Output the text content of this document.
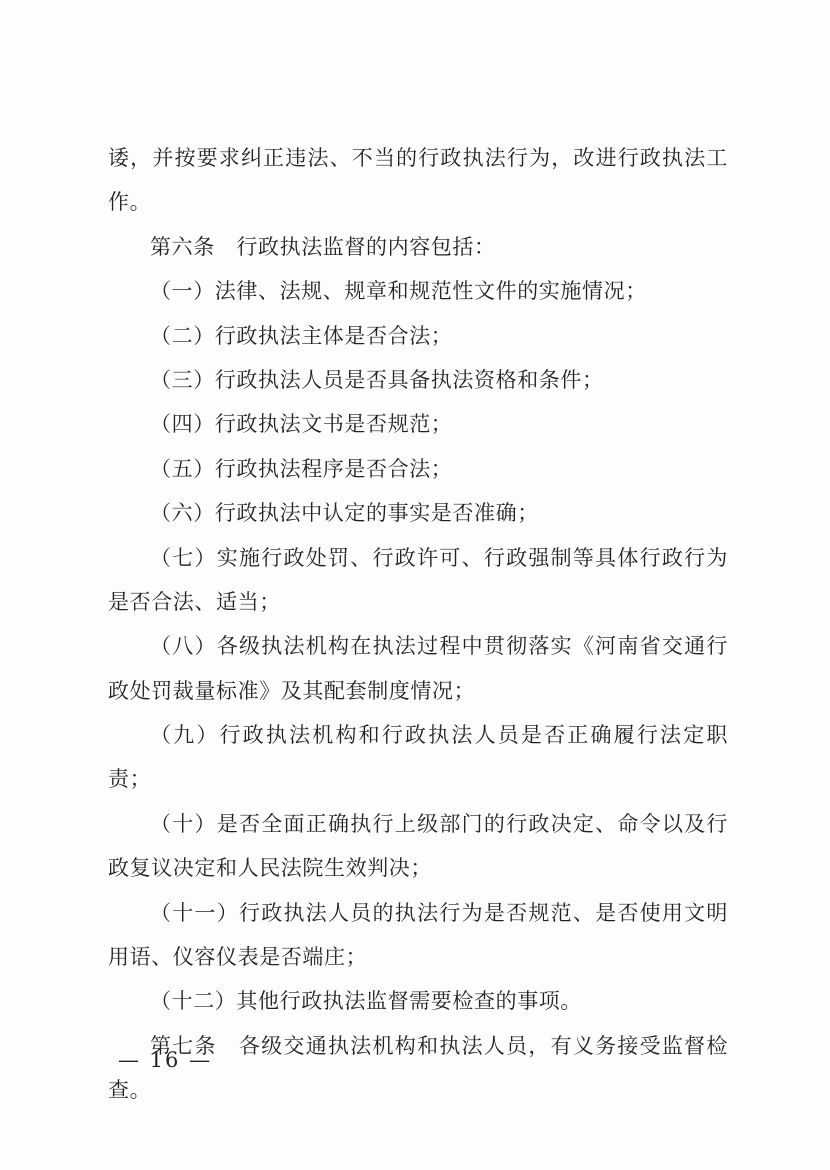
诿，并按要求纠正违法、不当的行政执法行为，改进行政执法工
作。
第六条　行政执法监督的内容包括：
（一）法律、法规、规章和规范性文件的实施情况；
（二）行政执法主体是否合法；
（三）行政执法人员是否具备执法资格和条件；
（四）行政执法文书是否规范；
（五）行政执法程序是否合法；
（六）行政执法中认定的事实是否准确；
（七）实施行政处罚、行政许可、行政强制等具体行政行为
是否合法、适当；
（八）各级执法机构在执法过程中贯彻落实《河南省交通行
政处罚裁量标准》及其配套制度情况；
（九）行政执法机构和行政执法人员是否正确履行法定职
责；
（十）是否全面正确执行上级部门的行政决定、命令以及行
政复议决定和人民法院生效判决；
（十一）行政执法人员的执法行为是否规范、是否使用文明
用语、仪容仪表是否端庄；
（十二）其他行政执法监督需要检查的事项。
第七条　各级交通执法机构和执法人员，有义务接受监督检
查。
— 16 —
